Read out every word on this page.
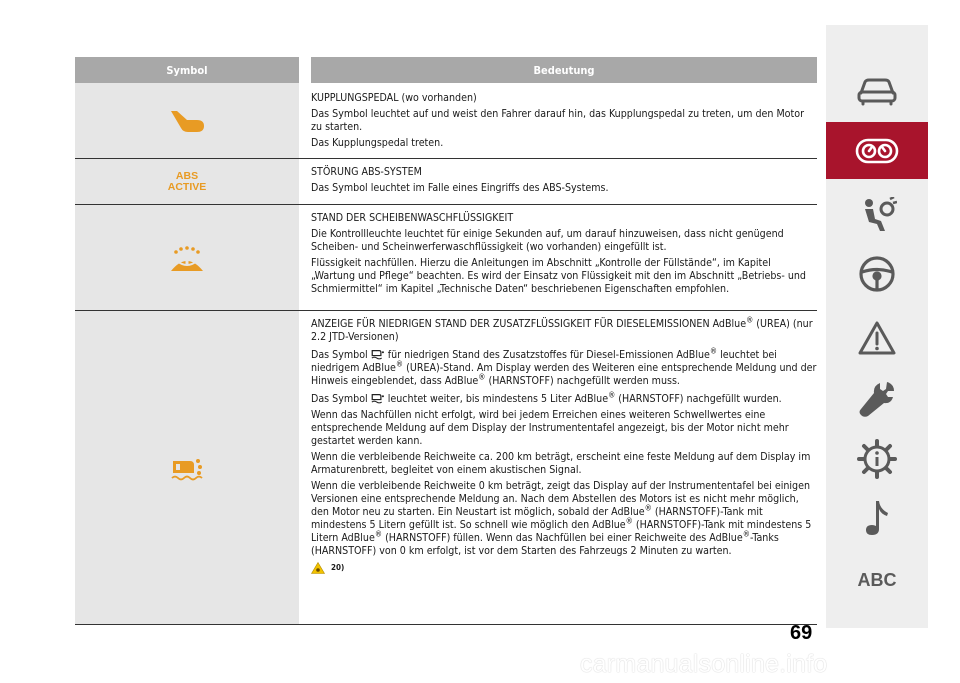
Symbol	Bedeutung

KUPPLUNGSPEDAL (wo vorhanden)

Das Symbol leuchtet auf und weist den Fahrer darauf hin, das Kupplungspedal zu treten, um den Motor zu starten.

Das Kupplungspedal treten.

ABS
ACTIVE

STÖRUNG ABS-SYSTEM

Das Symbol leuchtet im Falle eines Eingriffs des ABS-Systems.

STAND DER SCHEIBENWASCHFLÜSSIGKEIT

Die Kontrollleuchte leuchtet für einige Sekunden auf, um darauf hinzuweisen, dass nicht genügend Scheiben- und Scheinwerferwaschflüssigkeit (wo vorhanden) eingefüllt ist.

Flüssigkeit nachfüllen. Hierzu die Anleitungen im Abschnitt „Kontrolle der Füllstände“, im Kapitel „Wartung und Pflege“ beachten. Es wird der Einsatz von Flüssigkeit mit den im Abschnitt „Betriebs- und Schmiermittel“ im Kapitel „Technische Daten“ beschriebenen Eigenschaften empfohlen.

ANZEIGE FÜR NIEDRIGEN STAND DER ZUSATZFLÜSSIGKEIT FÜR DIESELEMISSIONEN AdBlue® (UREA) (nur 2.2 JTD-Versionen)

Das Symbol  für niedrigen Stand des Zusatzstoffes für Diesel-Emissionen AdBlue® leuchtet bei niedrigem AdBlue® (UREA)-Stand. Am Display werden des Weiteren eine entsprechende Meldung und der Hinweis eingeblendet, dass AdBlue® (HARNSTOFF) nachgefüllt werden muss.

Das Symbol  leuchtet weiter, bis mindestens 5 Liter AdBlue® (HARNSTOFF) nachgefüllt wurden.

Wenn das Nachfüllen nicht erfolgt, wird bei jedem Erreichen eines weiteren Schwellwertes eine entsprechende Meldung auf dem Display der Instrumententafel angezeigt, bis der Motor nicht mehr gestartet werden kann.

Wenn die verbleibende Reichweite ca. 200 km beträgt, erscheint eine feste Meldung auf dem Display im Armaturenbrett, begleitet von einem akustischen Signal.

Wenn die verbleibende Reichweite 0 km beträgt, zeigt das Display auf der Instrumententafel bei einigen Versionen eine entsprechende Meldung an. Nach dem Abstellen des Motors ist es nicht mehr möglich, den Motor neu zu starten. Ein Neustart ist möglich, sobald der AdBlue® (HARNSTOFF)-Tank mit mindestens 5 Litern gefüllt ist. So schnell wie möglich den AdBlue® (HARNSTOFF)-Tank mit mindestens 5 Litern AdBlue® (HARNSTOFF) füllen. Wenn das Nachfüllen bei einer Reichweite des AdBlue®-Tanks (HARNSTOFF) von 0 km erfolgt, ist vor dem Starten des Fahrzeugs 2 Minuten zu warten.

20)
ABC
69
carmanualsonline.info
